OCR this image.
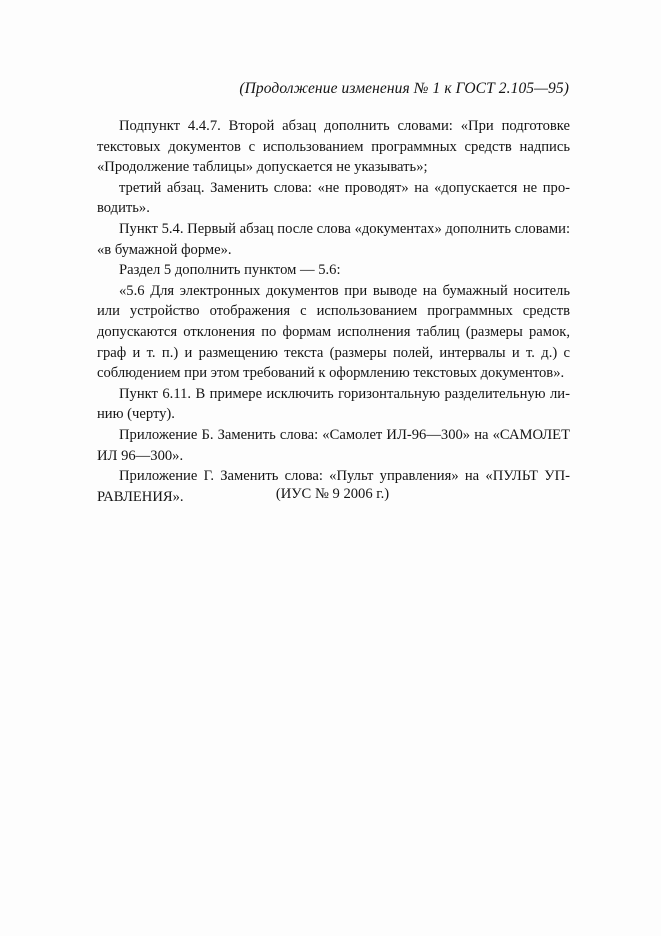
(Продолжение изменения № 1 к ГОСТ 2.105—95)

Подпункт 4.4.7. Второй абзац дополнить словами: «При подготовке текстовых документов с использованием программных средств надпись «Продолжение таблицы» допускается не указывать»;

третий абзац. Заменить слова: «не проводят» на «допускается не проводить».

Пункт 5.4. Первый абзац после слова «документах» дополнить словами: «в бумажной форме».

Раздел 5 дополнить пунктом — 5.6:

«5.6 Для электронных документов при выводе на бумажный носитель или устройство отображения с использованием программных средств допускаются отклонения по формам исполнения таблиц (размеры рамок, граф и т. п.) и размещению текста (размеры полей, интервалы и т. д.) с соблюдением при этом требований к оформлению текстовых документов».

Пункт 6.11. В примере исключить горизонтальную разделительную линию (черту).

Приложение Б. Заменить слова: «Самолет ИЛ-96—300» на «САМОЛЕТ ИЛ 96—300».

Приложение Г. Заменить слова: «Пульт управления» на «ПУЛЬТ УПРАВЛЕНИЯ».	(ИУС № 9 2006 г.)
